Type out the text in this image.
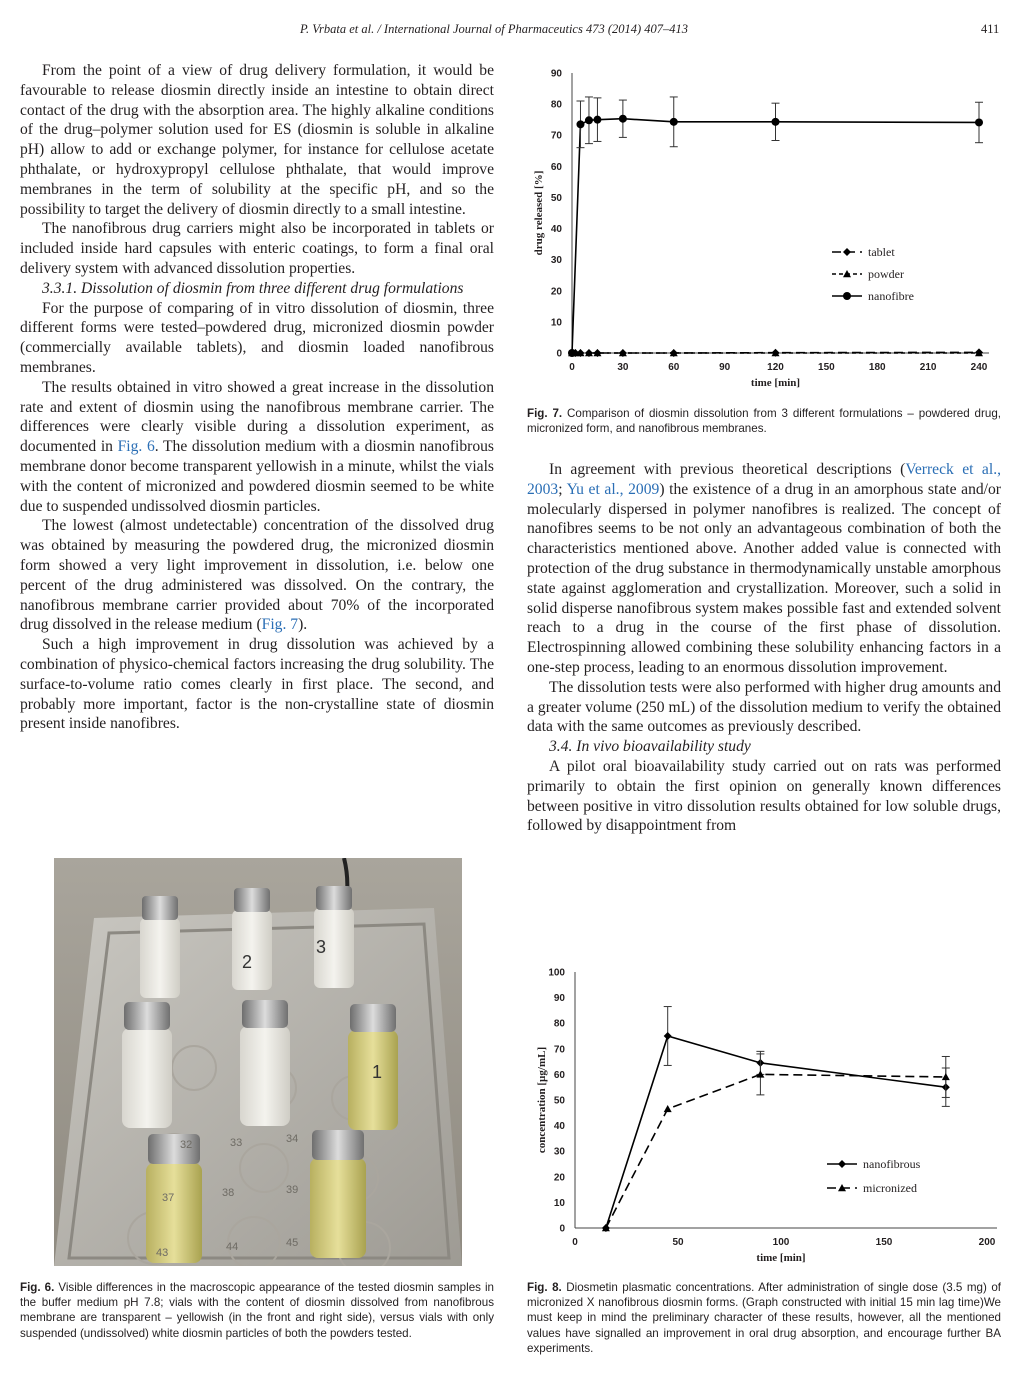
P. Vrbata et al. / International Journal of Pharmaceutics 473 (2014) 407–413	411

From the point of a view of drug delivery formulation, it would be favourable to release diosmin directly inside an intestine to obtain direct contact of the drug with the absorption area. The highly alkaline conditions of the drug–polymer solution used for ES (diosmin is soluble in alkaline pH) allow to add or exchange polymer, for instance for cellulose acetate phthalate, or hydroxypropyl cellulose phthalate, that would improve membranes in the term of solubility at the specific pH, and so the possibility to target the delivery of diosmin directly to a small intestine.

The nanofibrous drug carriers might also be incorporated in tablets or included inside hard capsules with enteric coatings, to form a final oral delivery system with advanced dissolution properties.

3.3.1. Dissolution of diosmin from three different drug formulations

For the purpose of comparing of in vitro dissolution of diosmin, three different forms were tested–powdered drug, micronized diosmin powder (commercially available tablets), and diosmin loaded nanofibrous membranes.

The results obtained in vitro showed a great increase in the dissolution rate and extent of diosmin using the nanofibrous membrane carrier. The differences were clearly visible during a dissolution experiment, as documented in Fig. 6. The dissolution medium with a diosmin nanofibrous membrane donor become transparent yellowish in a minute, whilst the vials with the content of micronized and powdered diosmin seemed to be white due to suspended undissolved diosmin particles.

The lowest (almost undetectable) concentration of the dissolved drug was obtained by measuring the powdered drug, the micronized diosmin form showed a very light improvement in dissolution, i.e. below one percent of the drug administered was dissolved. On the contrary, the nanofibrous membrane carrier provided about 70% of the incorporated drug dissolved in the release medium (Fig. 7).

Such a high improvement in drug dissolution was achieved by a combination of physico-chemical factors increasing the drug solubility. The surface-to-volume ratio comes clearly in first place. The second, and probably more important, factor is the non-crystalline state of diosmin present inside nanofibres.

2
3
1
43	44	45
37	38	39
32	33	34
Fig. 6. Visible differences in the macroscopic appearance of the tested diosmin samples in the buffer medium pH 7.8; vials with the content of diosmin dissolved from nanofibrous membrane are transparent – yellowish (in the front and right side), versus vials with only suspended (undissolved) white diosmin particles of both the powders tested.
0
10
20
30
40
50
60
70
80
90
0	30	60	90	120	150	180	210	240
time [min]
drug released [%]	tablet
powder
nanofibre
Fig. 7. Comparison of diosmin dissolution from 3 different formulations – powdered drug, micronized form, and nanofibrous membranes.

In agreement with previous theoretical descriptions (Verreck et al., 2003; Yu et al., 2009) the existence of a drug in an amorphous state and/or molecularly dispersed in polymer nanofibres is realized. The concept of nanofibres seems to be not only an advantageous combination of both the characteristics mentioned above. Another added value is connected with protection of the drug substance in thermodynamically unstable amorphous state against agglomeration and crystallization. Moreover, such a solid in solid disperse nanofibrous system makes possible fast and extended solvent reach to a drug in the course of the first phase of dissolution. Electrospinning allowed combining these solubility enhancing factors in a one-step process, leading to an enormous dissolution improvement.

The dissolution tests were also performed with higher drug amounts and a greater volume (250 mL) of the dissolution medium to verify the obtained data with the same outcomes as previously described.

3.4. In vivo bioavailability study

A pilot oral bioavailability study carried out on rats was performed primarily to obtain the first opinion on generally known differences between positive in vitro dissolution results obtained for low soluble drugs, followed by disappointment from

0
10
20
30
40
50
60
70
80
90
100
0	50	100	150	200
time [min]
concentration [µg/mL]
nanofibrous
micronized
Fig. 8. Diosmetin plasmatic concentrations. After administration of single dose (3.5 mg) of micronized X nanofibrous diosmin forms. (Graph constructed with initial 15 min lag time)We must keep in mind the preliminary character of these results, however, all the mentioned values have signalled an improvement in oral drug absorption, and encourage further BA experiments.
